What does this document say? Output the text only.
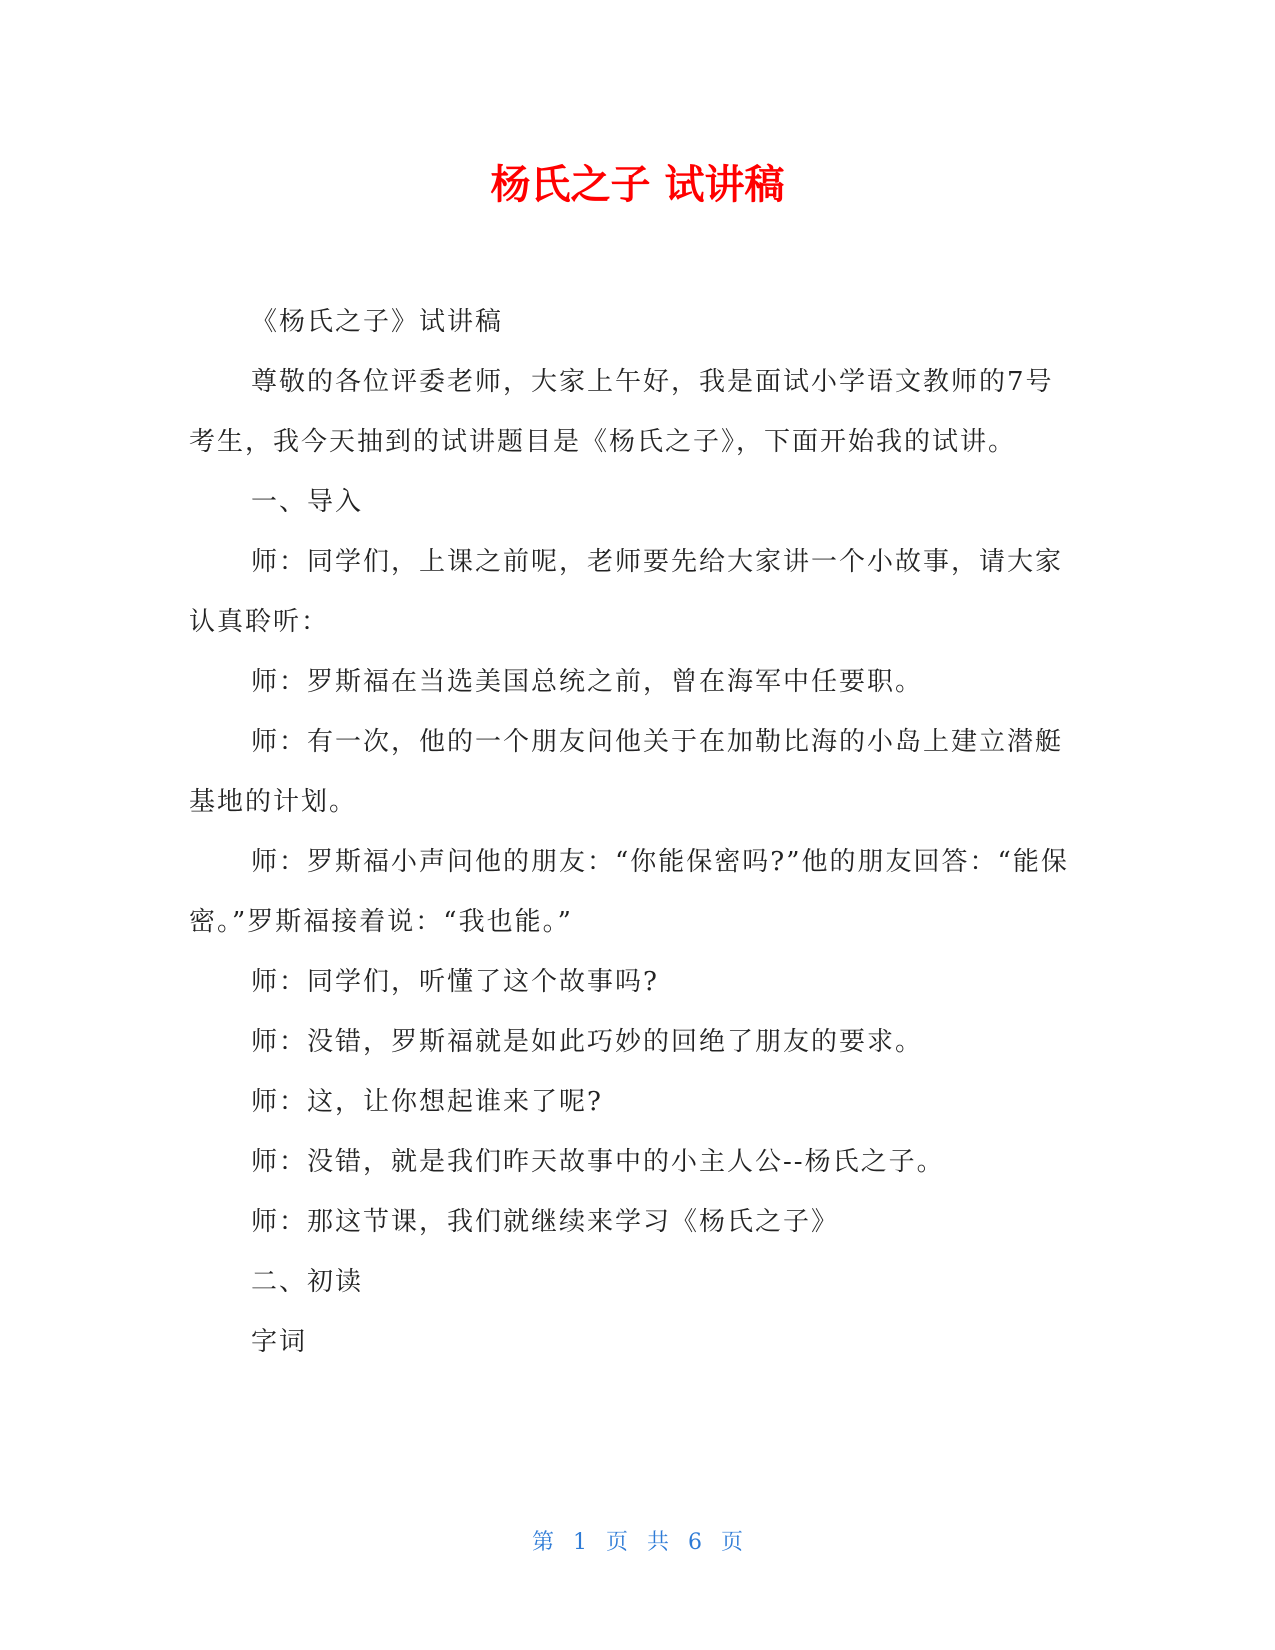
杨氏之子 试讲稿

《杨氏之子》试讲稿

尊敬的各位评委老师，大家上午好，我是面试小学语文教师的7号考生，我今天抽到的试讲题目是《杨氏之子》，下面开始我的试讲。

一、导入

师：同学们，上课之前呢，老师要先给大家讲一个小故事，请大家认真聆听：

师：罗斯福在当选美国总统之前，曾在海军中任要职。

师：有一次，他的一个朋友问他关于在加勒比海的小岛上建立潜艇基地的计划。

师：罗斯福小声问他的朋友：“你能保密吗?”他的朋友回答：“能保密。”罗斯福接着说：“我也能。”

师：同学们，听懂了这个故事吗?

师：没错，罗斯福就是如此巧妙的回绝了朋友的要求。

师：这，让你想起谁来了呢?

师：没错，就是我们昨天故事中的小主人公--杨氏之子。

师：那这节课，我们就继续来学习《杨氏之子》

二、初读

字词

第 1 页 共 6 页
